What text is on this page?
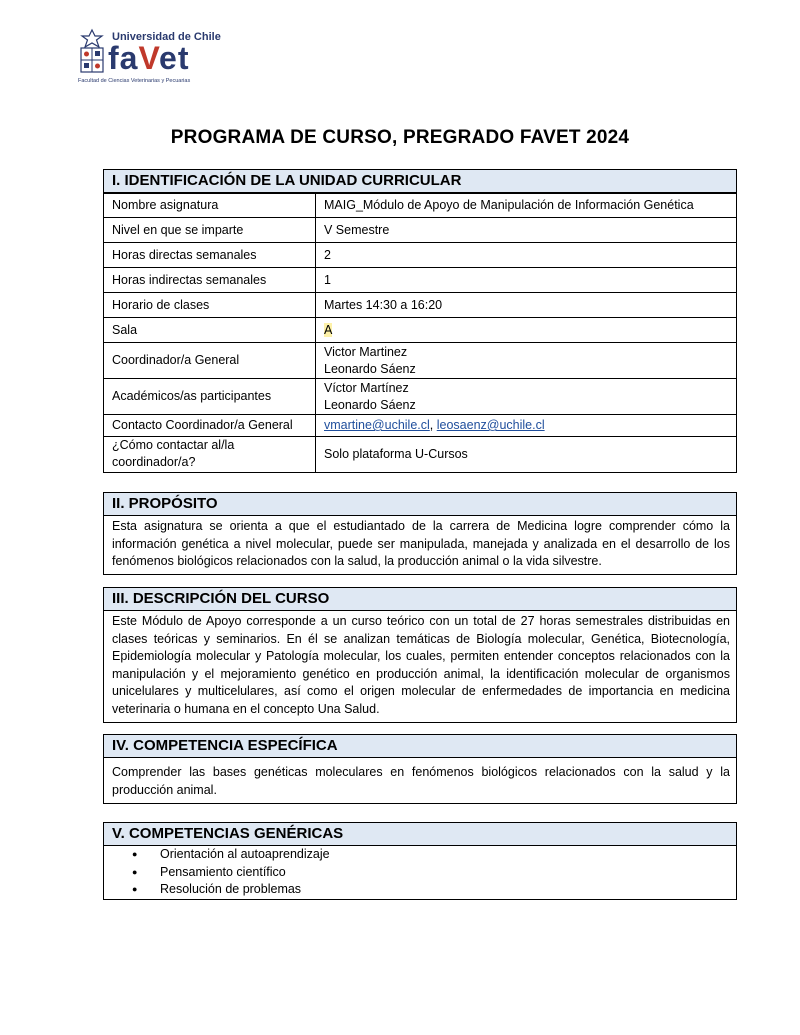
Universidad de Chile
faVet
Facultad de Ciencias Veterinarias y Pecuarias
PROGRAMA DE CURSO, PREGRADO FAVET 2024
I. IDENTIFICACIÓN DE LA UNIDAD CURRICULAR
Nombre asignatura	MAIG_Módulo de Apoyo de Manipulación de Información Genética
Nivel en que se imparte	V Semestre
Horas directas semanales	2
Horas indirectas semanales	1
Horario de clases	Martes 14:30 a 16:20
Sala	A
Coordinador/a General	Victor Martinez
Leonardo Sáenz

Académicos/as participantes	Víctor Martínez
Leonardo Sáenz

Contacto Coordinador/a General	vmartine@uchile.cl, leosaenz@uchile.cl

¿Cómo contactar al/la
coordinador/a?	Solo plataforma U-Cursos
II. PROPÓSITO
Esta asignatura se orienta a que el estudiantado de la carrera de Medicina logre comprender cómo la información genética a nivel molecular, puede ser manipulada, manejada y analizada en el desarrollo de los fenómenos biológicos relacionados con la salud, la producción animal o la vida silvestre.
III. DESCRIPCIÓN DEL CURSO
Este Módulo de Apoyo corresponde a un curso teórico con un total de 27 horas semestrales distribuidas en clases teóricas y seminarios. En él se analizan temáticas de Biología molecular, Genética, Biotecnología, Epidemiología molecular y Patología molecular, los cuales, permiten entender conceptos relacionados con la manipulación y el mejoramiento genético en producción animal, la identificación molecular de organismos unicelulares y multicelulares, así como el origen molecular de enfermedades de importancia en medicina veterinaria o humana en el concepto Una Salud.
IV. COMPETENCIA ESPECÍFICA
Comprender las bases genéticas moleculares en fenómenos biológicos relacionados con la salud y la producción animal.
V. COMPETENCIAS GENÉRICAS
● Orientación al autoaprendizaje
● Pensamiento científico
● Resolución de problemas
